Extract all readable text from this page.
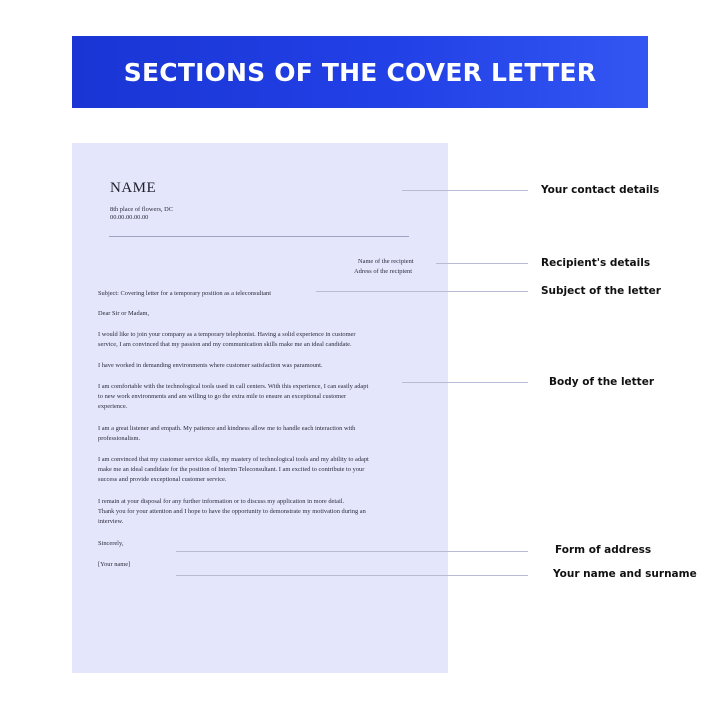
SECTIONS OF THE COVER LETTER
NAME
8th place of flowers, DC
00.00.00.00.00
Name of the recipient
Adress of the recipient
Subject: Covering letter for a temporary position as a teleconsultant
Dear Sir or Madam,
I would like to join your company as a temporary telephonist. Having a solid experience in customer
service, I am convinced that my passion and my communication skills make me an ideal candidate.
I have worked in demanding environments where customer satisfaction was paramount.
I am comfortable with the technological tools used in call centers. With this experience, I can easily adapt
to new work environments and am willing to go the extra mile to ensure an exceptional customer
experience.
I am a great listener and empath. My patience and kindness allow me to handle each interaction with
professionalism.
I am convinced that my customer service skills, my mastery of technological tools and my ability to adapt
make me an ideal candidate for the position of Interim Teleconsultant. I am excited to contribute to your
success and provide exceptional customer service.
I remain at your disposal for any further information or to discuss my application in more detail.
Thank you for your attention and I hope to have the opportunity to demonstrate my motivation during an
interview.
Sincerely,
[Your name]
Your contact details
Recipient's details
Subject of the letter
Body of the letter
Form of address
Your name and surname
